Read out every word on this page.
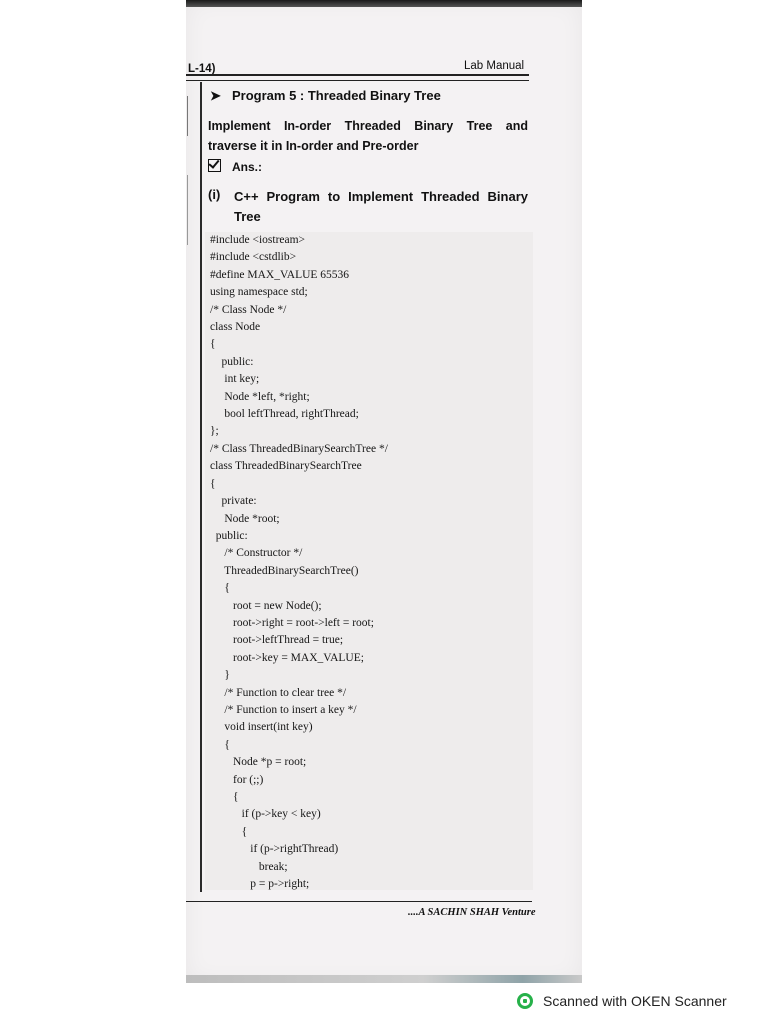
L-14)	Lab Manual
➤ Program 5 : Threaded Binary Tree
Implement In-order Threaded Binary Tree and traverse it in In-order and Pre-order
Ans.:
(i) C++ Program to Implement Threaded Binary Tree
#include <iostream>
#include <cstdlib>
#define MAX_VALUE 65536
using namespace std;
/* Class Node */
class Node
{
public:
int key;
Node *left, *right;
bool leftThread, rightThread;
};
/* Class ThreadedBinarySearchTree */
class ThreadedBinarySearchTree
{
private:
Node *root;
public:
/* Constructor */
ThreadedBinarySearchTree()
{
root = new Node();
root->right = root->left = root;
root->leftThread = true;
root->key = MAX_VALUE;
}
/* Function to clear tree */
/* Function to insert a key */
void insert(int key)
{
Node *p = root;
for (;;)
{
if (p->key < key)
{
if (p->rightThread)
break;
p = p->right;
....A SACHIN SHAH Venture
Scanned with OKEN Scanner
